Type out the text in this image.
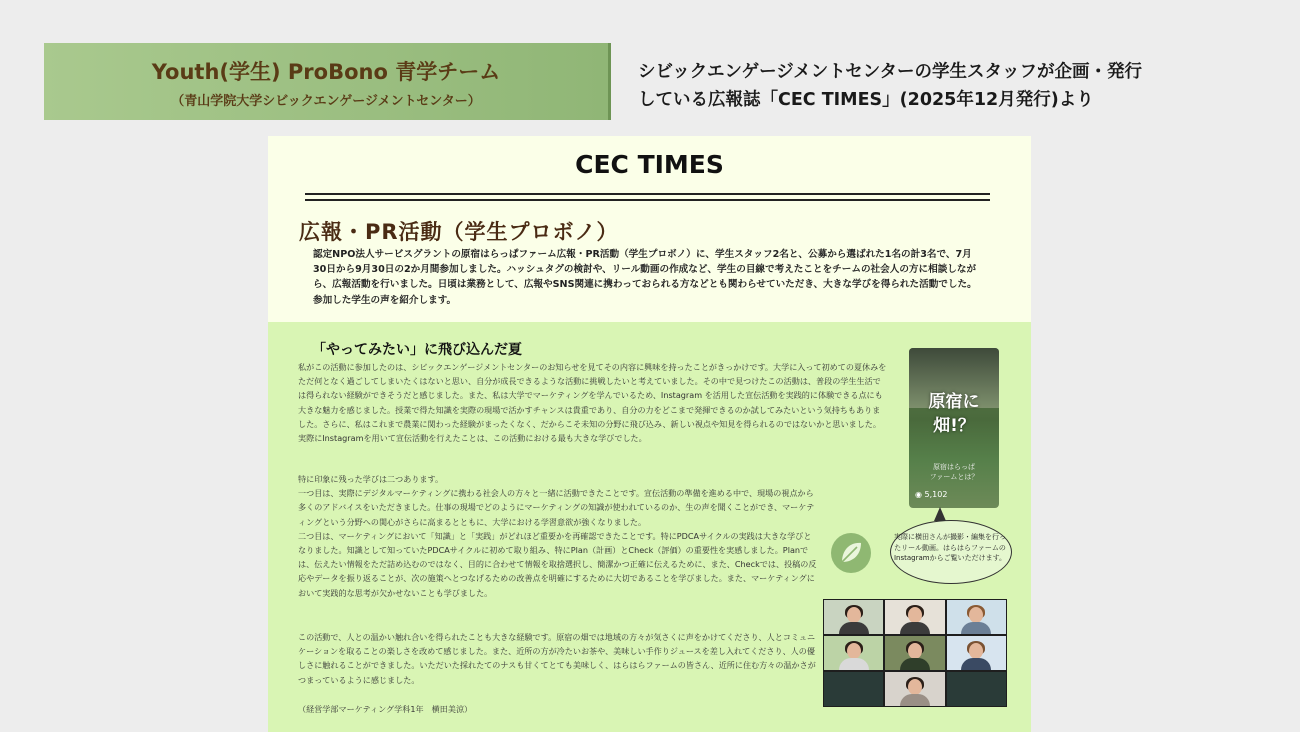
Youth(学生) ProBono 青学チーム
（青山学院大学シビックエンゲージメントセンター）
シビックエンゲージメントセンターの学生スタッフが企画・発行
している広報誌「CEC TIMES」(2025年12月発行)より
CEC TIMES
広報・PR活動（学生プロボノ）
認定NPO法人サービスグラントの原宿はらっぱファーム広報・PR活動（学生プロボノ）に、学生スタッフ2名と、公募から選ばれた1名の計3名で、7月30日から9月30日の2か月間参加しました。ハッシュタグの検討や、リール動画の作成など、学生の目線で考えたことをチームの社会人の方に相談しながら、広報活動を行いました。日頃は業務として、広報やSNS関連に携わっておられる方などとも関わらせていただき、大きな学びを得られた活動でした。参加した学生の声を紹介します。
「やってみたい」に飛び込んだ夏
私がこの活動に参加したのは、シビックエンゲージメントセンターのお知らせを見てその内容に興味を持ったことがきっかけです。大学に入って初めての夏休みをただ何となく過ごしてしまいたくはないと思い、自分が成長できるような活動に挑戦したいと考えていました。その中で見つけたこの活動は、普段の学生生活では得られない経験ができそうだと感じました。また、私は大学でマーケティングを学んでいるため、Instagram を活用した宣伝活動を実践的に体験できる点にも大きな魅力を感じました。授業で得た知識を実際の現場で活かすチャンスは貴重であり、自分の力をどこまで発揮できるのか試してみたいという気持ちもありました。さらに、私はこれまで農業に関わった経験がまったくなく、だからこそ未知の分野に飛び込み、新しい視点や知見を得られるのではないかと思いました。実際にInstagramを用いて宣伝活動を行えたことは、この活動における最も大きな学びでした。
特に印象に残った学びは二つあります。
一つ目は、実際にデジタルマーケティングに携わる社会人の方々と一緒に活動できたことです。宣伝活動の準備を進める中で、現場の視点から多くのアドバイスをいただきました。仕事の現場でどのようにマーケティングの知識が使われているのか、生の声を聞くことができ、マーケティングという分野への関心がさらに高まるとともに、大学における学習意欲が強くなりました。
二つ目は、マーケティングにおいて「知識」と「実践」がどれほど重要かを再確認できたことです。特にPDCAサイクルの実践は大きな学びとなりました。知識として知っていたPDCAサイクルに初めて取り組み、特にPlan（計画）とCheck（評価）の重要性を実感しました。Planでは、伝えたい情報をただ詰め込むのではなく、目的に合わせて情報を取捨選択し、簡潔かつ正確に伝えるために、また、Checkでは、投稿の反応やデータを振り返ることが、次の施策へとつなげるための改善点を明確にするために大切であることを学びました。また、マーケティングにおいて実践的な思考が欠かせないことも学びました。
この活動で、人との温かい触れ合いを得られたことも大きな経験です。原宿の畑では地域の方々が気さくに声をかけてくださり、人とコミュニケーションを取ることの楽しさを改めて感じました。また、近所の方が冷たいお茶や、美味しい手作りジュースを差し入れてくださり、人の優しさに触れることができました。いただいた採れたてのナスも甘くてとても美味しく、はらはらファームの皆さん、近所に住む方々の温かさがつまっているように感じました。
（経営学部マーケティング学科1年　横田美涼）
原宿に
畑!？
原宿はらっぱ
ファームとは？
◉ 5,102
実際に横田さんが撮影・編集を行ったリール動画。はらはらファームのInstagramからご覧いただけます。
